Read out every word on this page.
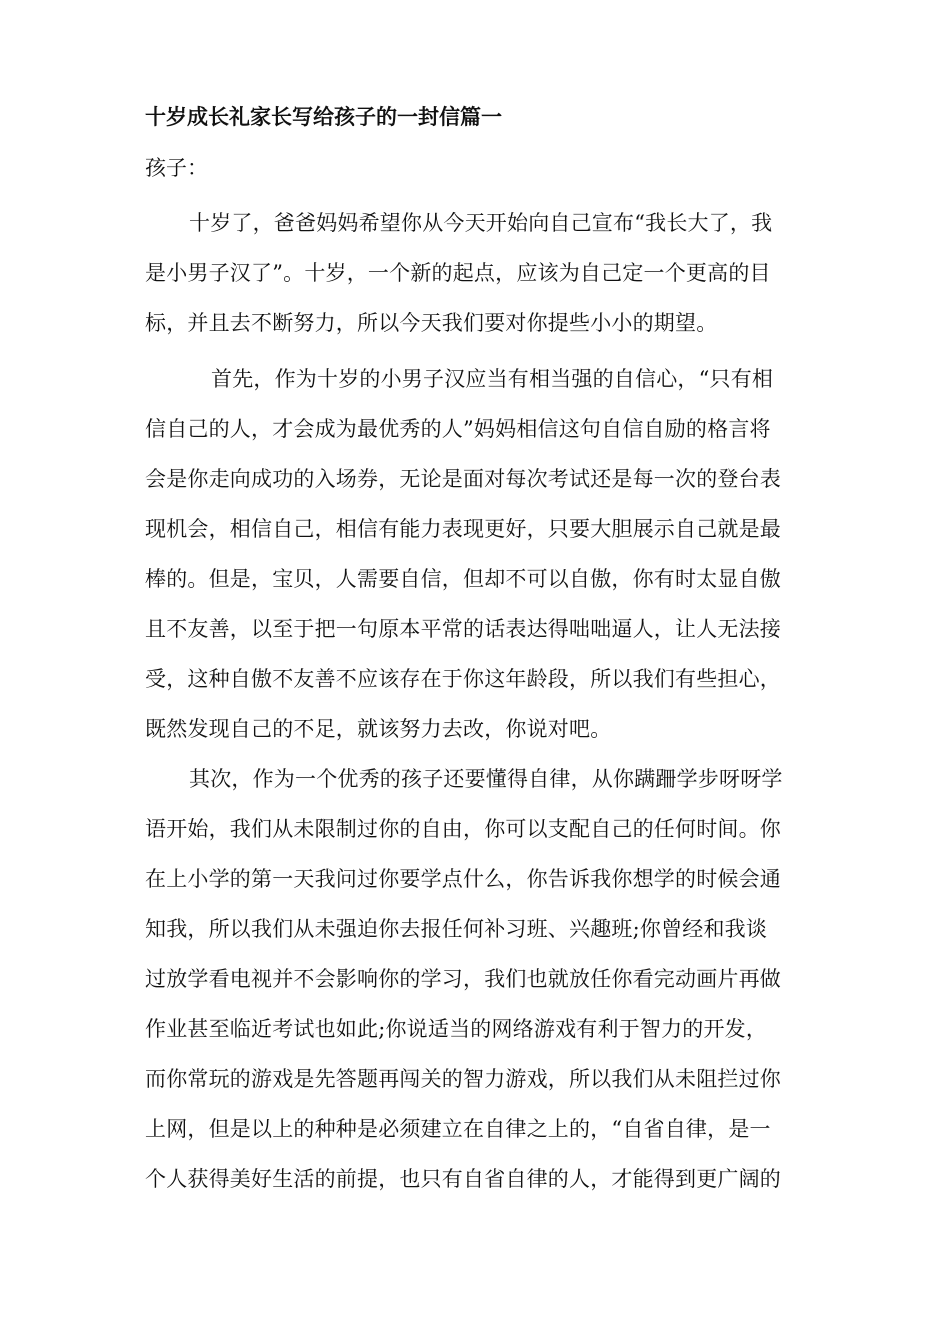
十岁成长礼家长写给孩子的一封信篇一

孩子：

十岁了，爸爸妈妈希望你从今天开始向自己宣布“我长大了，我
是小男子汉了”。十岁，一个新的起点，应该为自己定一个更高的目
标，并且去不断努力，所以今天我们要对你提些小小的期望。
首先，作为十岁的小男子汉应当有相当强的自信心，“只有相
信自己的人，才会成为最优秀的人”妈妈相信这句自信自励的格言将
会是你走向成功的入场券，无论是面对每次考试还是每一次的登台表
现机会，相信自己，相信有能力表现更好，只要大胆展示自己就是最
棒的。但是，宝贝，人需要自信，但却不可以自傲，你有时太显自傲
且不友善，以至于把一句原本平常的话表达得咄咄逼人，让人无法接
受，这种自傲不友善不应该存在于你这年龄段，所以我们有些担心，
既然发现自己的不足，就该努力去改，你说对吧。
其次，作为一个优秀的孩子还要懂得自律，从你蹒跚学步呀呀学
语开始，我们从未限制过你的自由，你可以支配自己的任何时间。你
在上小学的第一天我问过你要学点什么，你告诉我你想学的时候会通
知我，所以我们从未强迫你去报任何补习班、兴趣班;你曾经和我谈
过放学看电视并不会影响你的学习，我们也就放任你看完动画片再做
作业甚至临近考试也如此;你说适当的网络游戏有利于智力的开发，
而你常玩的游戏是先答题再闯关的智力游戏，所以我们从未阻拦过你
上网，但是以上的种种是必须建立在自律之上的，“自省自律，是一
个人获得美好生活的前提，也只有自省自律的人，才能得到更广阔的
